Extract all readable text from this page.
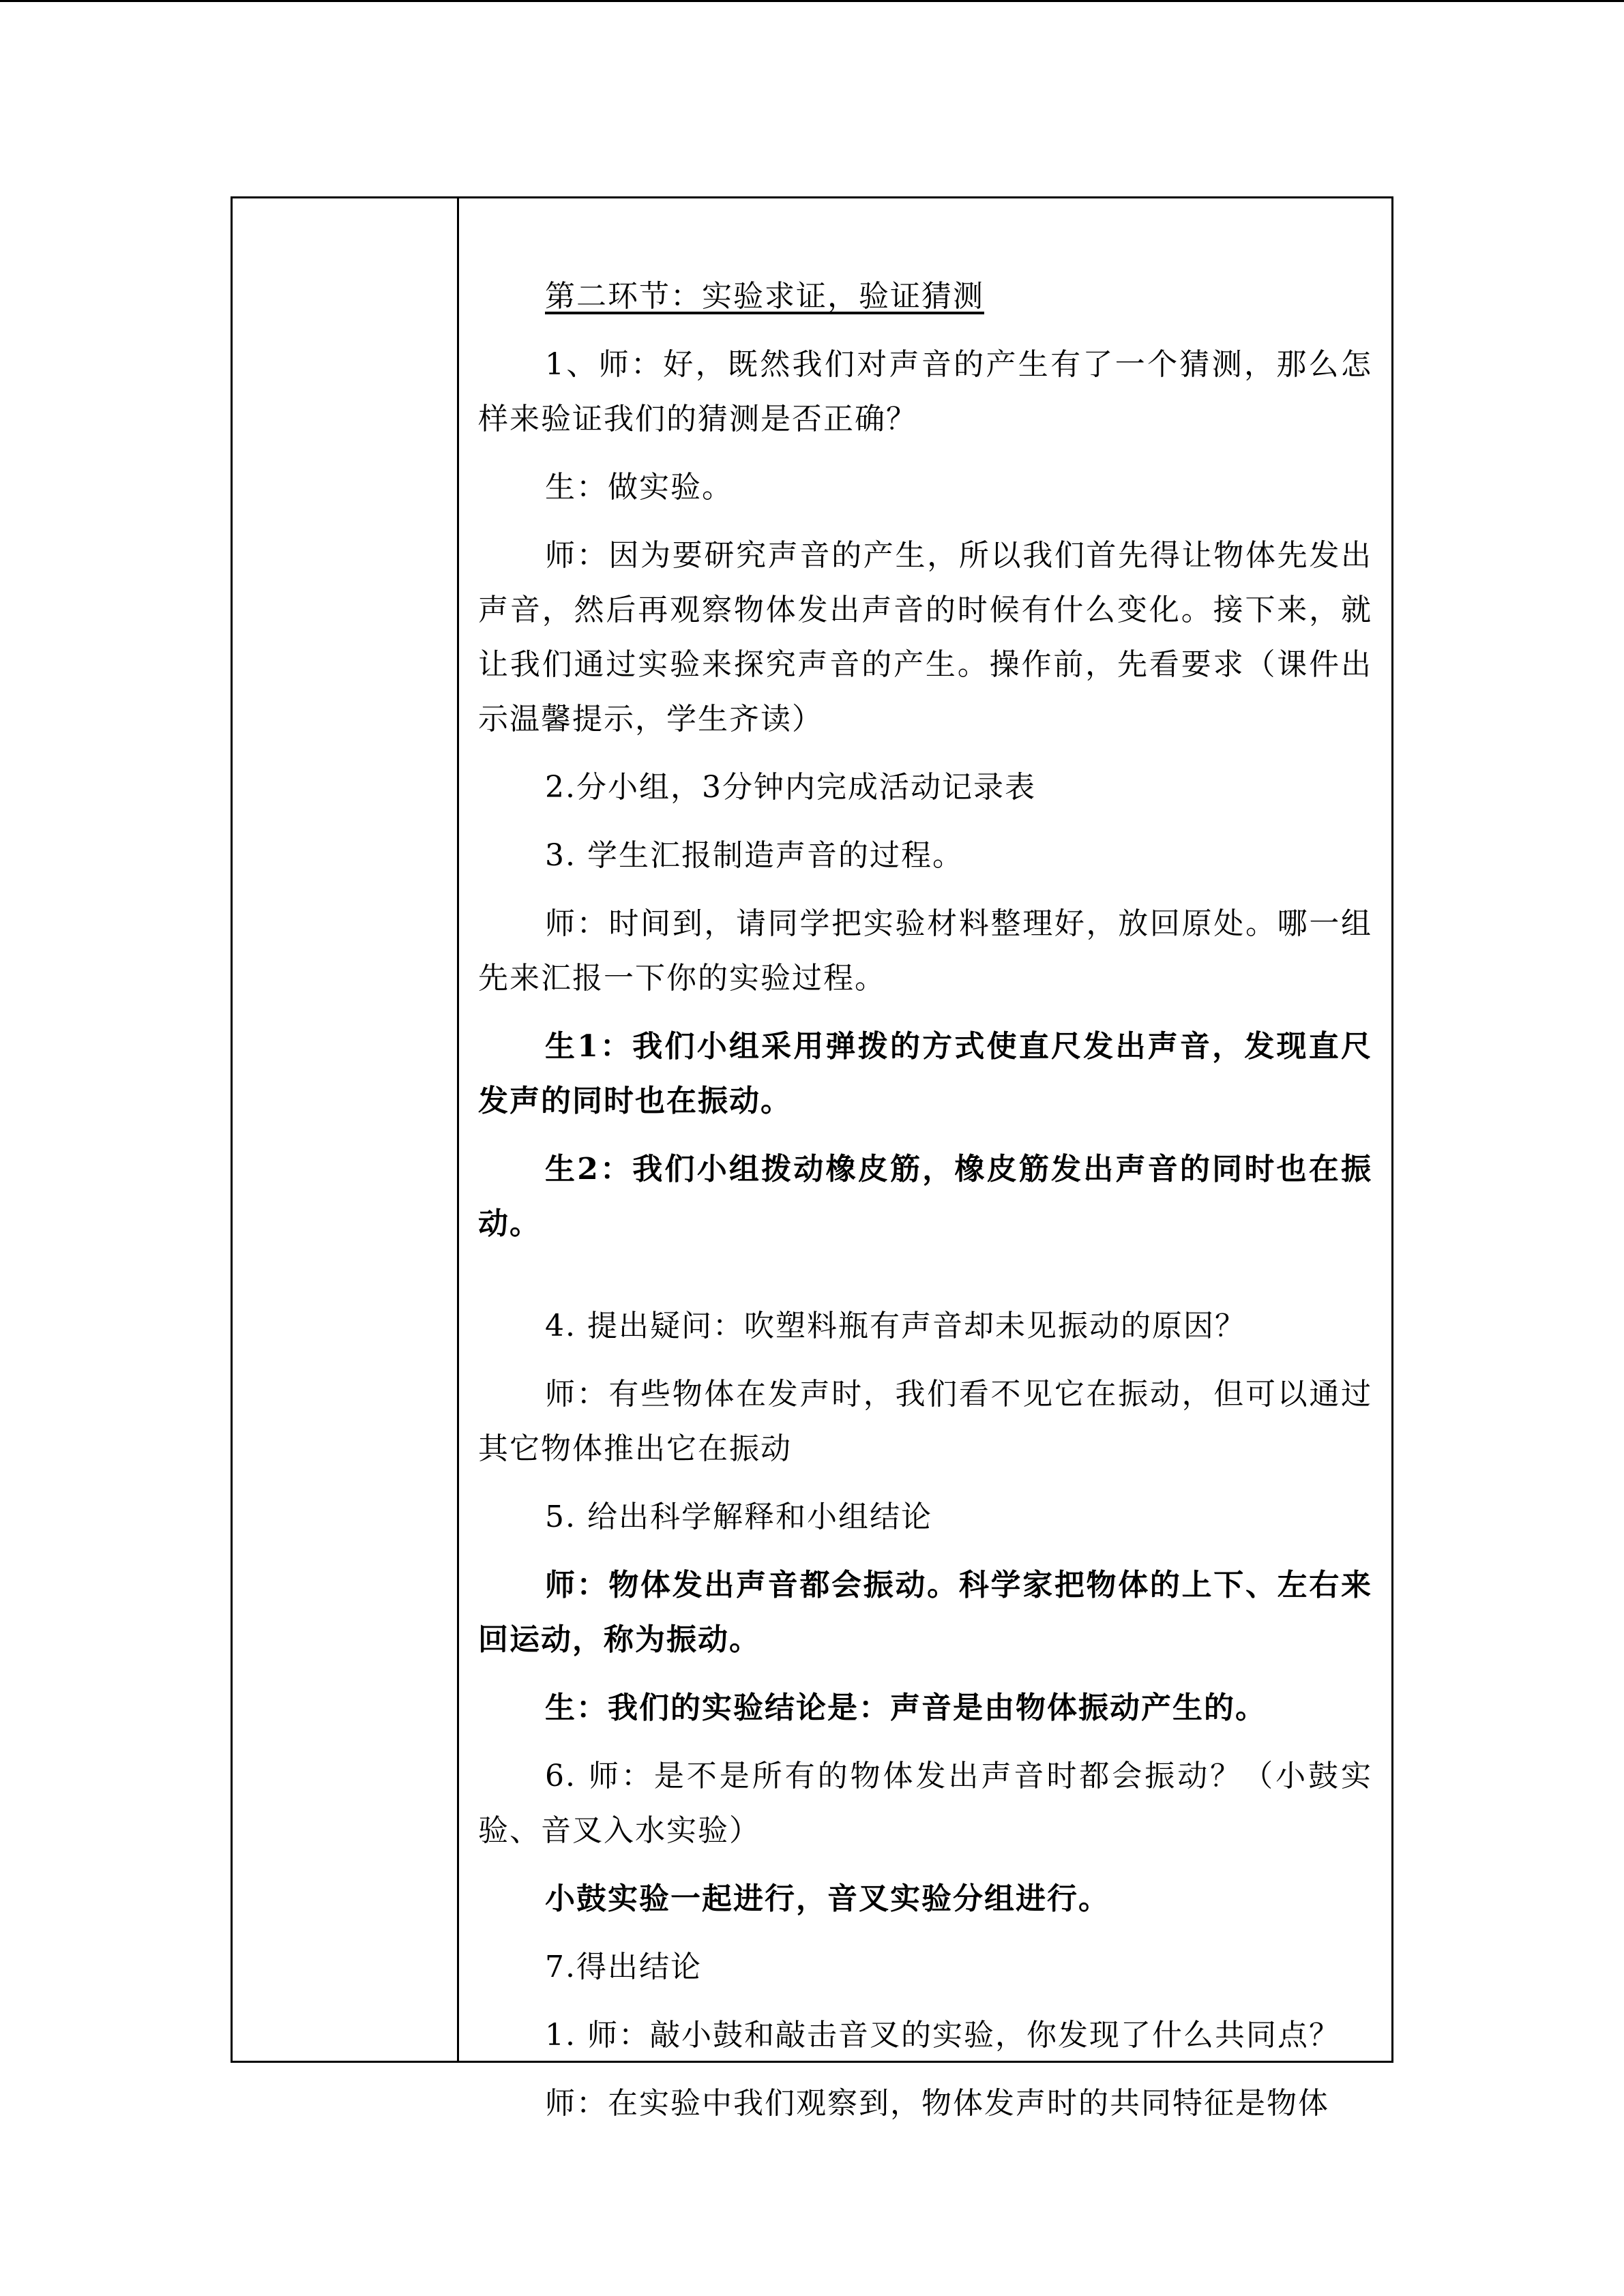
第二环节：实验求证，验证猜测

1、师：好，既然我们对声音的产生有了一个猜测，那么怎样来验证我们的猜测是否正确？

生：做实验。

师：因为要研究声音的产生，所以我们首先得让物体先发出声音，然后再观察物体发出声音的时候有什么变化。接下来，就让我们通过实验来探究声音的产生。操作前，先看要求（课件出示温馨提示，学生齐读）

2.分小组，3分钟内完成活动记录表

3. 学生汇报制造声音的过程。

师：时间到，请同学把实验材料整理好，放回原处。哪一组先来汇报一下你的实验过程。

生1：我们小组采用弹拨的方式使直尺发出声音，发现直尺发声的同时也在振动。

生2：我们小组拨动橡皮筋，橡皮筋发出声音的同时也在振动。

4. 提出疑问：吹塑料瓶有声音却未见振动的原因？

师：有些物体在发声时，我们看不见它在振动，但可以通过其它物体推出它在振动

5. 给出科学解释和小组结论

师：物体发出声音都会振动。科学家把物体的上下、左右来回运动，称为振动。

生：我们的实验结论是：声音是由物体振动产生的。

6. 师：是不是所有的物体发出声音时都会振动？（小鼓实验、音叉入水实验）

小鼓实验一起进行，音叉实验分组进行。

7.得出结论

1. 师：敲小鼓和敲击音叉的实验，你发现了什么共同点？

师：在实验中我们观察到，物体发声时的共同特征是物体
